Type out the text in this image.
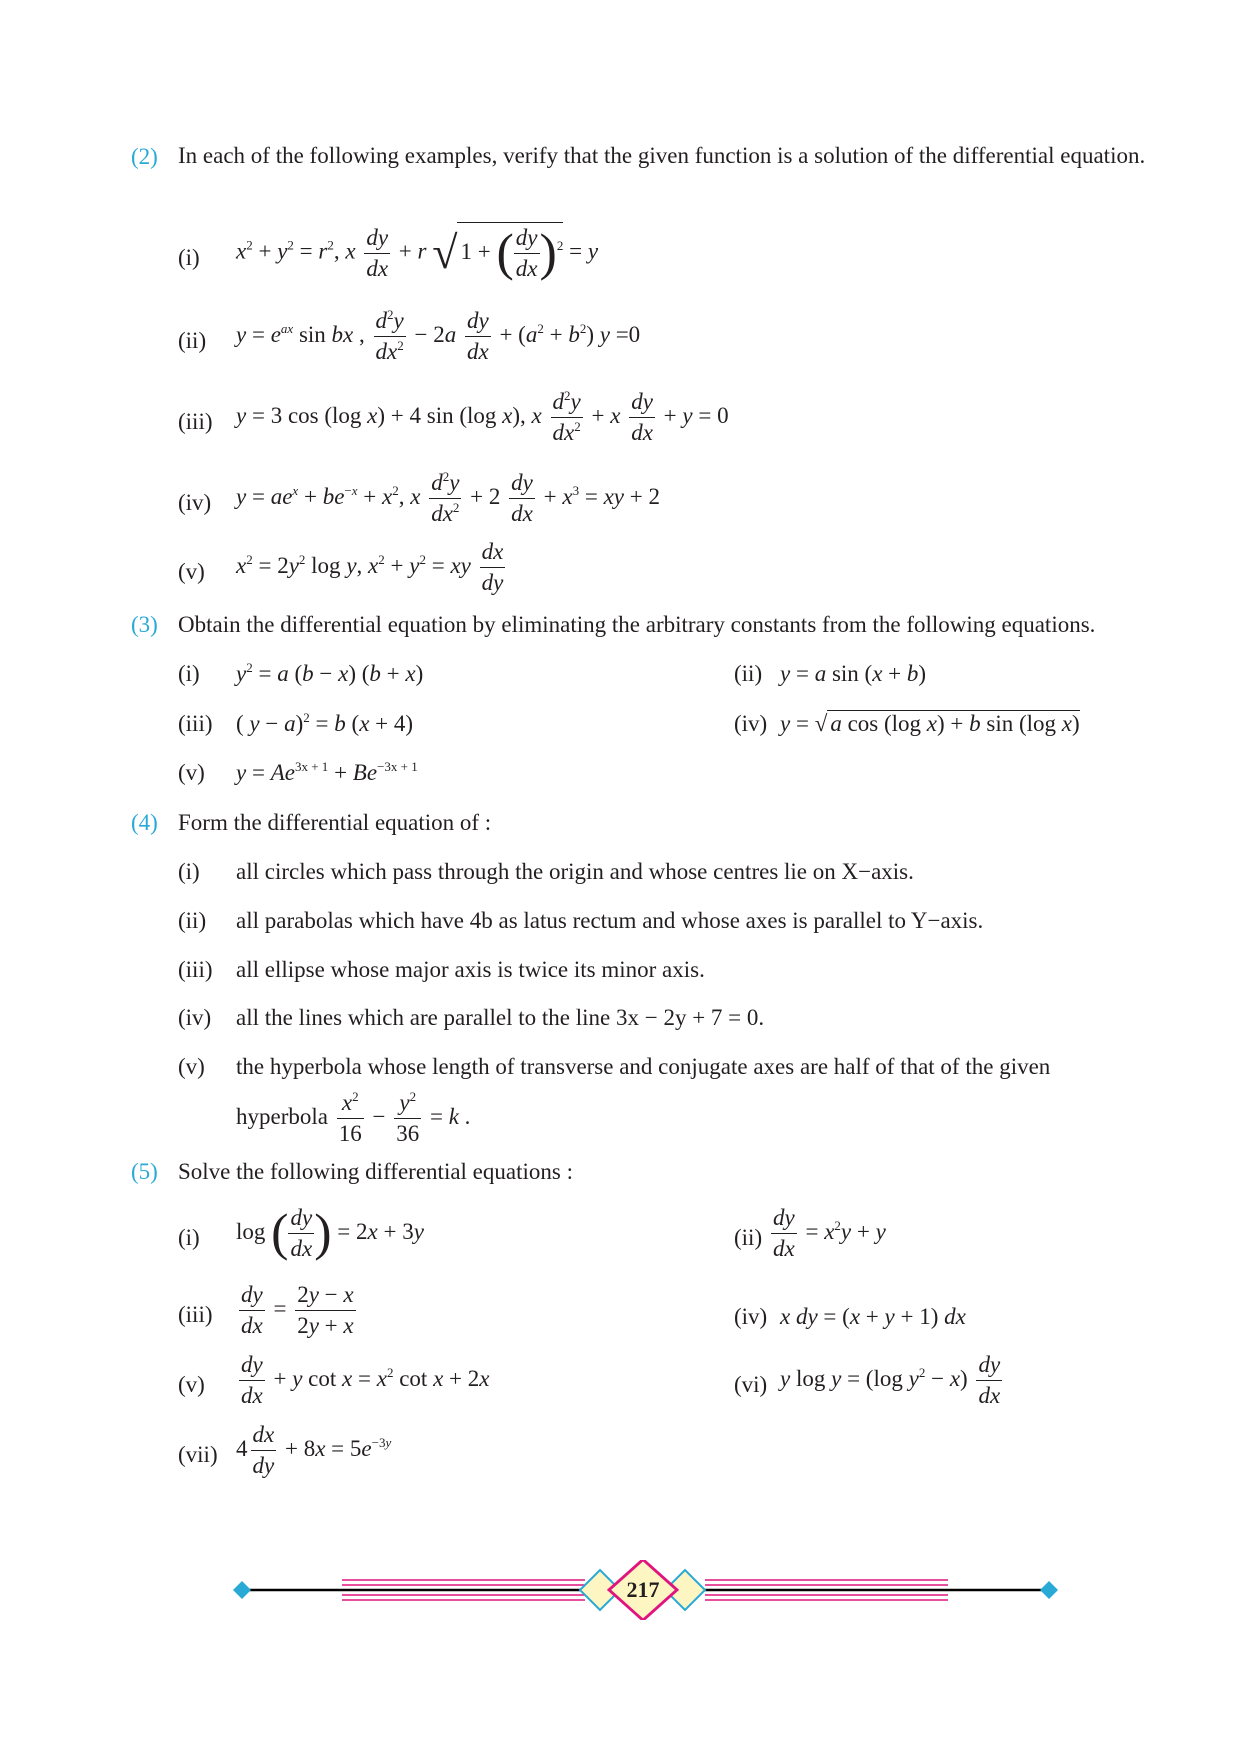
(2) In each of the following examples, verify that the given function is a solution of the differential equation.
(i) $x^2 + y^2 = r^2$, x $\frac{dy}{dx} + r$ √ 1 + ( $\frac{dy}{dx} )^2 = y$
(ii) $y = e^{ax}$ sin bx , $\frac{d^2y}{dx^2} - 2a \frac{dy}{dx} + (a^2 + b^2)$ y =0
(iii) y = 3 cos (log x) + 4 sin (log x), x $\frac{d^2y}{dx^2} + x \frac{dy}{dx} + y = 0$
(iv) $y = ae^x + be^{-x} + x^2$, x $\frac{d^2y}{dx^2} + 2 \frac{dy}{dx} + x^3$ = xy + 2
(v) $x^2 = 2y^2$ log y, $x^2 + y^2$ = xy $\frac{dx}{dy}$
(3) Obtain the differential equation by eliminating the arbitrary constants from the following equations.
(i) $y^2 = a$ (b − x) (b + x)	(ii) y = a sin (x + b)
(iii) ( y − a)$^2$ = b (x + 4)	(iv) y = √ a cos (log x) + b sin (log x)
(v) $y = Ae^{3x + 1} + Be^{-3x + 1}$
(4) Form the differential equation of :
(i) all circles which pass through the origin and whose centres lie on X−axis.
(ii) all parabolas which have 4b as latus rectum and whose axes is parallel to Y−axis.
(iii) all ellipse whose major axis is twice its minor axis.
(iv) all the lines which are parallel to the line 3x − 2y + 7 = 0.
(v) the hyperbola whose length of transverse and conjugate axes are half of that of the given
hyperbola $\frac{x^2}{16} - \frac{y^2}{36} = k$ .
(5) Solve the following differential equations :
(i) log ( $\frac{dy}{dx}$ ) = 2x + 3y	$(ii) \frac{dy}{dx} = x^2y + y$
$(iii) \frac{dy}{dx} = \frac{2y - x}{2y + x}$	(iv) x dy = (x + y + 1) dx
$(v) \frac{dy}{dx} + y$ $\cot x = x^2$ cot x + 2x	(vi) y log y = (log $y^2 - x) \frac{dy}{dx}$
(vii) $4 \frac{dx}{dy} + 8x = 5e^{-3y}$
217
